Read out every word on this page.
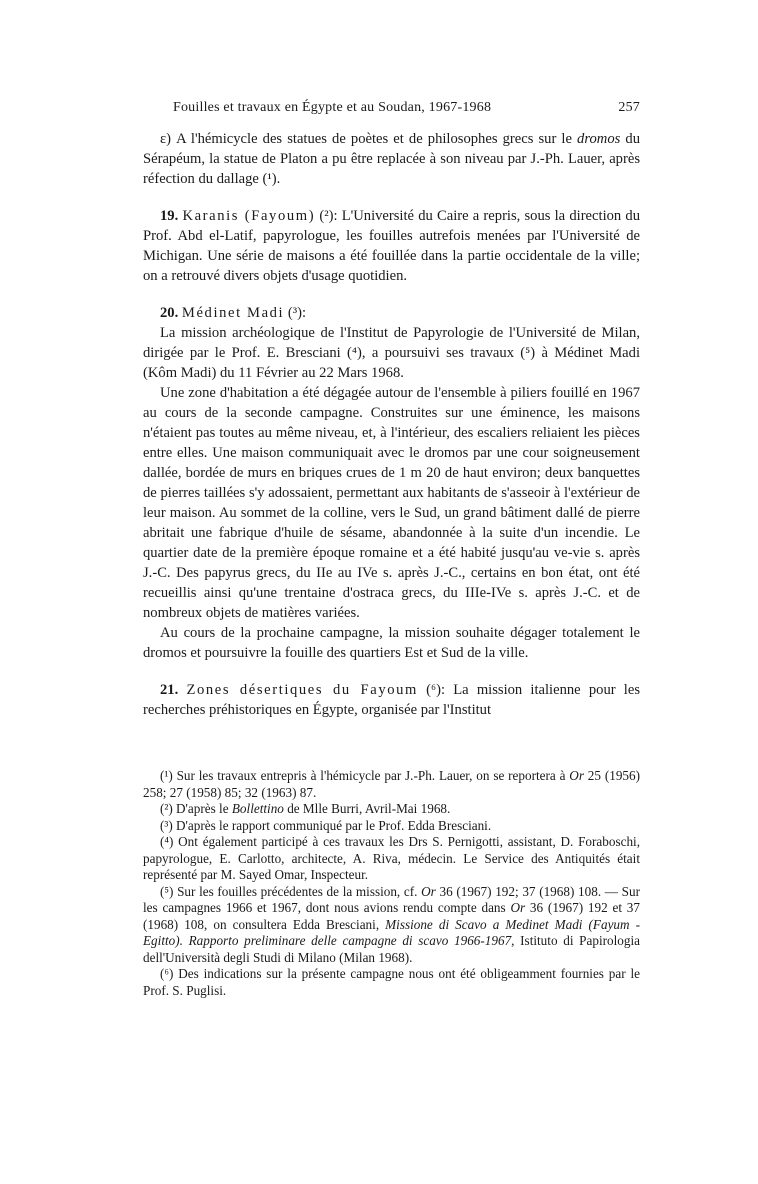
Fouilles et travaux en Égypte et au Soudan, 1967-1968	257

ε) A l'hémicycle des statues de poètes et de philosophes grecs sur le dromos du Sérapéum, la statue de Platon a pu être replacée à son niveau par J.-Ph. Lauer, après réfection du dallage (¹).

19. Karanis (Fayoum) (²): L'Université du Caire a repris, sous la direction du Prof. Abd el-Latif, papyrologue, les fouilles autrefois menées par l'Université de Michigan. Une série de maisons a été fouillée dans la partie occidentale de la ville; on a retrouvé divers objets d'usage quotidien.

20. Médinet Madi (³):

La mission archéologique de l'Institut de Papyrologie de l'Université de Milan, dirigée par le Prof. E. Bresciani (⁴), a poursuivi ses travaux (⁵) à Médinet Madi (Kôm Madi) du 11 Février au 22 Mars 1968.

Une zone d'habitation a été dégagée autour de l'ensemble à piliers fouillé en 1967 au cours de la seconde campagne. Construites sur une éminence, les maisons n'étaient pas toutes au même niveau, et, à l'intérieur, des escaliers reliaient les pièces entre elles. Une maison communiquait avec le dromos par une cour soigneusement dallée, bordée de murs en briques crues de 1 m 20 de haut environ; deux banquettes de pierres taillées s'y adossaient, permettant aux habitants de s'asseoir à l'extérieur de leur maison. Au sommet de la colline, vers le Sud, un grand bâtiment dallé de pierre abritait une fabrique d'huile de sésame, abandonnée à la suite d'un incendie. Le quartier date de la première époque romaine et a été habité jusqu'au ve-vie s. après J.-C. Des papyrus grecs, du IIe au IVe s. après J.-C., certains en bon état, ont été recueillis ainsi qu'une trentaine d'ostraca grecs, du IIIe-IVe s. après J.-C. et de nombreux objets de matières variées.

Au cours de la prochaine campagne, la mission souhaite dégager totalement le dromos et poursuivre la fouille des quartiers Est et Sud de la ville.

21. Zones désertiques du Fayoum (⁶): La mission italienne pour les recherches préhistoriques en Égypte, organisée par l'Institut

(¹) Sur les travaux entrepris à l'hémicycle par J.-Ph. Lauer, on se reportera à Or 25 (1956) 258; 27 (1958) 85; 32 (1963) 87.

(²) D'après le Bollettino de Mlle Burri, Avril-Mai 1968.

(³) D'après le rapport communiqué par le Prof. Edda Bresciani.

(⁴) Ont également participé à ces travaux les Drs S. Pernigotti, assistant, D. Foraboschi, papyrologue, E. Carlotto, architecte, A. Riva, médecin. Le Service des Antiquités était représenté par M. Sayed Omar, Inspecteur.

(⁵) Sur les fouilles précédentes de la mission, cf. Or 36 (1967) 192; 37 (1968) 108. — Sur les campagnes 1966 et 1967, dont nous avions rendu compte dans Or 36 (1967) 192 et 37 (1968) 108, on consultera Edda Bresciani, Missione di Scavo a Medinet Madi (Fayum - Egitto). Rapporto preliminare delle campagne di scavo 1966-1967, Istituto di Papirologia dell'Università degli Studi di Milano (Milan 1968).

(⁶) Des indications sur la présente campagne nous ont été obligeamment fournies par le Prof. S. Puglisi.
